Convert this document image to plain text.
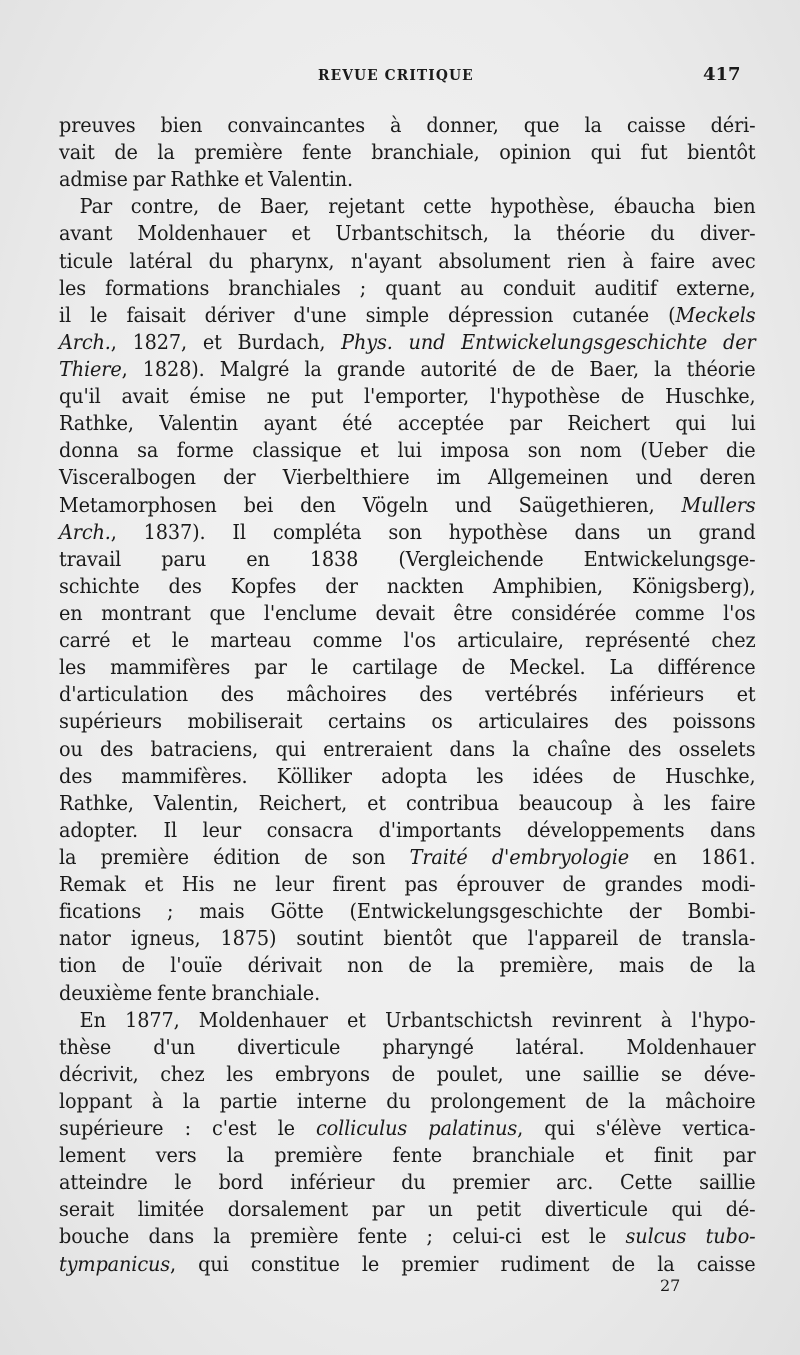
REVUE CRITIQUE	417
preuves bien convaincantes à donner, que la caisse déri-
vait de la première fente branchiale, opinion qui fut bientôt
admise par Rathke et Valentin.
Par contre, de Baer, rejetant cette hypothèse, ébaucha bien
avant Moldenhauer et Urbantschitsch, la théorie du diver-
ticule latéral du pharynx, n'ayant absolument rien à faire avec
les formations branchiales ; quant au conduit auditif externe,
il le faisait dériver d'une simple dépression cutanée (Meckels
Arch., 1827, et Burdach, Phys. und Entwickelungsgeschichte der
Thiere, 1828). Malgré la grande autorité de de Baer, la théorie
qu'il avait émise ne put l'emporter, l'hypothèse de Huschke,
Rathke, Valentin ayant été acceptée par Reichert qui lui
donna sa forme classique et lui imposa son nom (Ueber die
Visceralbogen der Vierbelthiere im Allgemeinen und deren
Metamorphosen bei den Vögeln und Saügethieren, Mullers
Arch., 1837). Il compléta son hypothèse dans un grand
travail paru en 1838 (Vergleichende Entwickelungsge-
schichte des Kopfes der nackten Amphibien, Königsberg),
en montrant que l'enclume devait être considérée comme l'os
carré et le marteau comme l'os articulaire, représenté chez
les mammifères par le cartilage de Meckel. La différence
d'articulation des mâchoires des vertébrés inférieurs et
supérieurs mobiliserait certains os articulaires des poissons
ou des batraciens, qui entreraient dans la chaîne des osselets
des mammifères. Kölliker adopta les idées de Huschke,
Rathke, Valentin, Reichert, et contribua beaucoup à les faire
adopter. Il leur consacra d'importants développements dans
la première édition de son Traité d'embryologie en 1861.
Remak et His ne leur firent pas éprouver de grandes modi-
fications ; mais Götte (Entwickelungsgeschichte der Bombi-
nator igneus, 1875) soutint bientôt que l'appareil de transla-
tion de l'ouïe dérivait non de la première, mais de la
deuxième fente branchiale.
En 1877, Moldenhauer et Urbantschictsh revinrent à l'hypo-
thèse d'un diverticule pharyngé latéral. Moldenhauer
décrivit, chez les embryons de poulet, une saillie se déve-
loppant à la partie interne du prolongement de la mâchoire
supérieure : c'est le colliculus palatinus, qui s'élève vertica-
lement vers la première fente branchiale et finit par
atteindre le bord inférieur du premier arc. Cette saillie
serait limitée dorsalement par un petit diverticule qui dé-
bouche dans la première fente ; celui-ci est le sulcus tubo-
tympanicus, qui constitue le premier rudiment de la caisse
27
